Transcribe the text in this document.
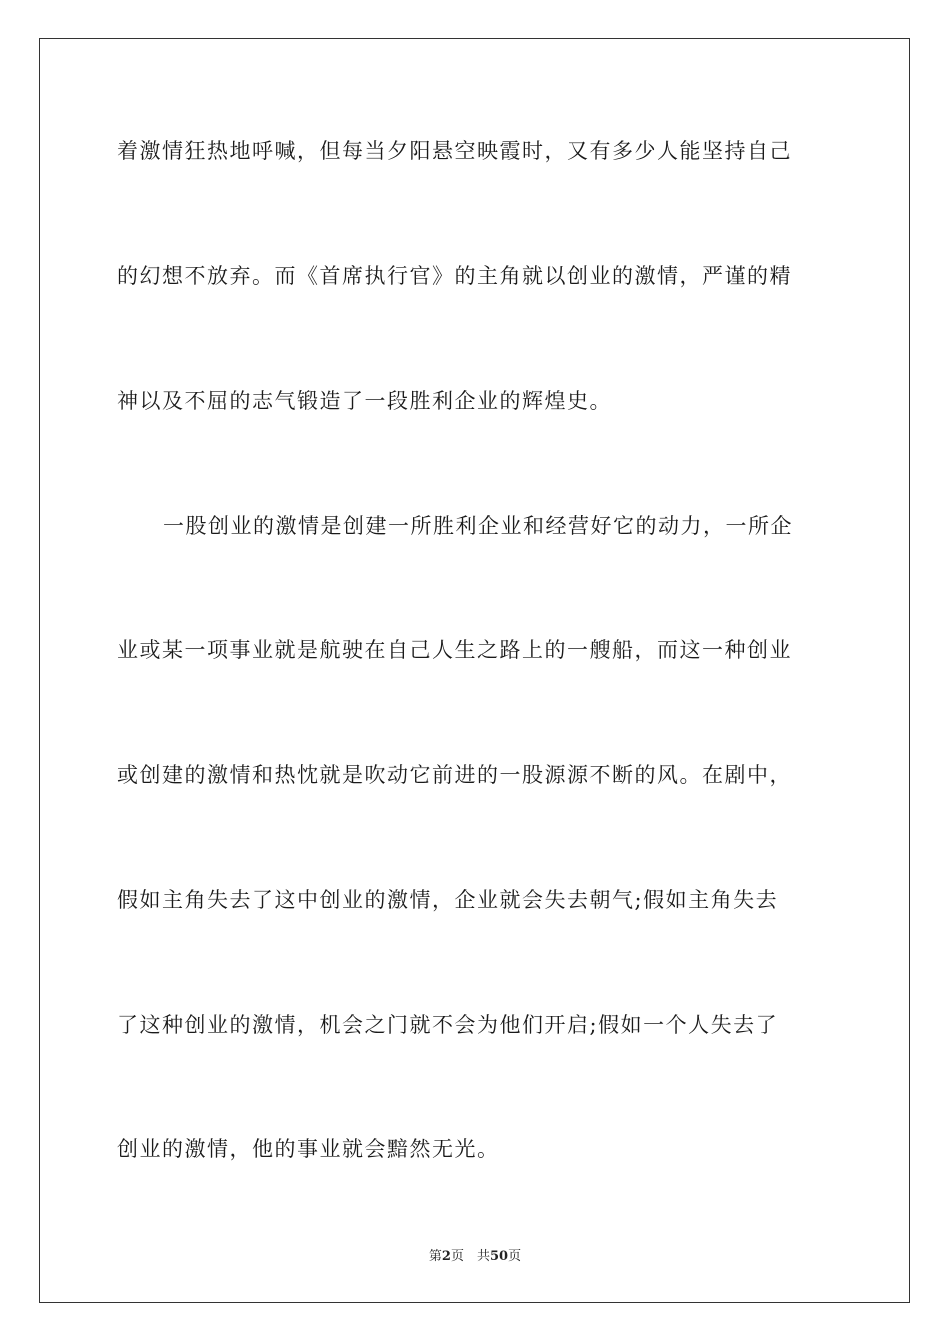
着激情狂热地呼喊，但每当夕阳悬空映霞时，又有多少人能坚持自己
的幻想不放弃。而《首席执行官》的主角就以创业的激情，严谨的精
神以及不屈的志气锻造了一段胜利企业的辉煌史。
一股创业的激情是创建一所胜利企业和经营好它的动力，一所企
业或某一项事业就是航驶在自己人生之路上的一艘船，而这一种创业
或创建的激情和热忱就是吹动它前进的一股源源不断的风。在剧中，
假如主角失去了这中创业的激情，企业就会失去朝气;假如主角失去
了这种创业的激情，机会之门就不会为他们开启;假如一个人失去了
创业的激情，他的事业就会黯然无光。
第2页　共50页
